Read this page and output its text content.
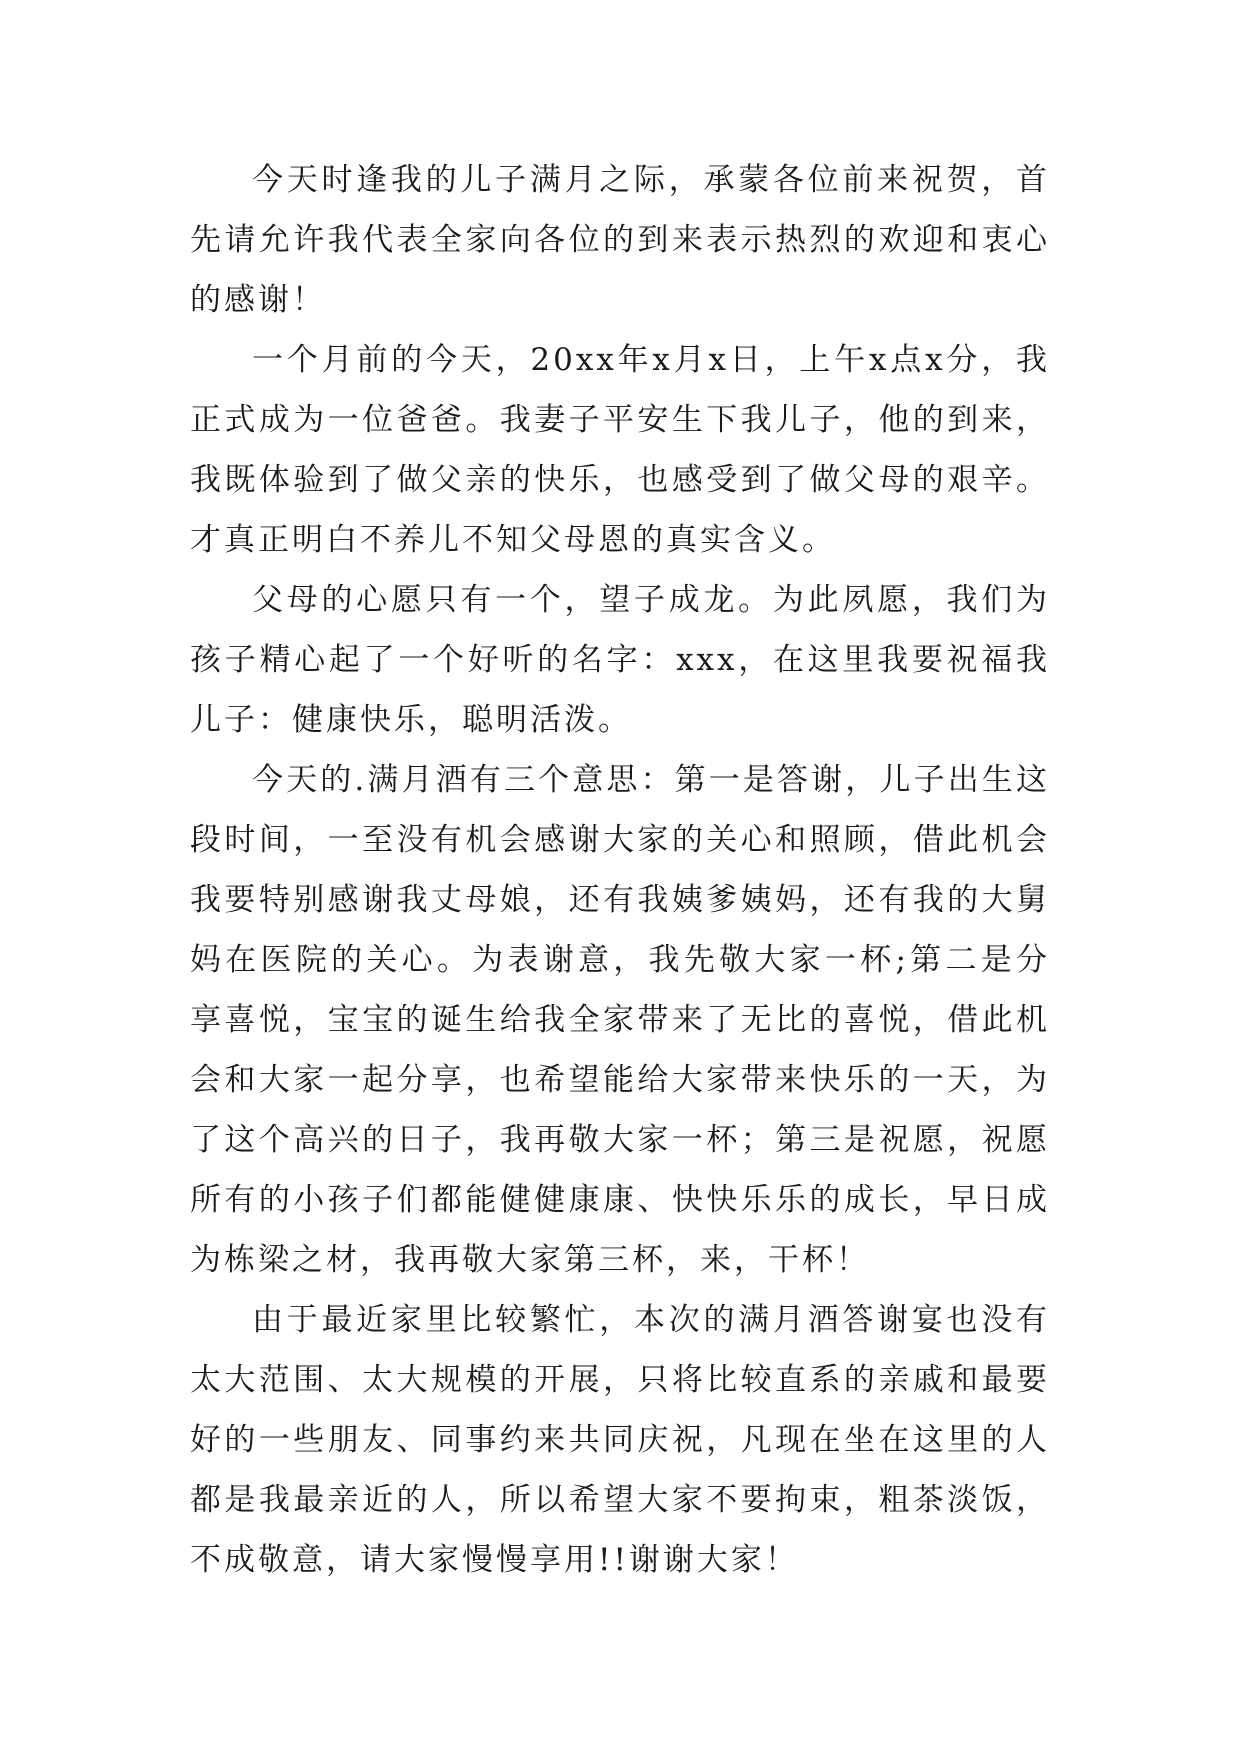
今天时逢我的儿子满月之际，承蒙各位前来祝贺，首先请允许我代表全家向各位的到来表示热烈的欢迎和衷心的感谢！

一个月前的今天，20xx年x月x日，上午x点x分，我正式成为一位爸爸。我妻子平安生下我儿子，他的到来，我既体验到了做父亲的快乐，也感受到了做父母的艰辛。才真正明白不养儿不知父母恩的真实含义。

父母的心愿只有一个，望子成龙。为此夙愿，我们为孩子精心起了一个好听的名字：xxx，在这里我要祝福我儿子：健康快乐，聪明活泼。

今天的.满月酒有三个意思：第一是答谢，儿子出生这段时间，一至没有机会感谢大家的关心和照顾，借此机会我要特别感谢我丈母娘，还有我姨爹姨妈，还有我的大舅妈在医院的关心。为表谢意，我先敬大家一杯;第二是分享喜悦，宝宝的诞生给我全家带来了无比的喜悦，借此机会和大家一起分享，也希望能给大家带来快乐的一天，为了这个高兴的日子，我再敬大家一杯；第三是祝愿，祝愿所有的小孩子们都能健健康康、快快乐乐的成长，早日成为栋梁之材，我再敬大家第三杯，来，干杯！

由于最近家里比较繁忙，本次的满月酒答谢宴也没有太大范围、太大规模的开展，只将比较直系的亲戚和最要好的一些朋友、同事约来共同庆祝，凡现在坐在这里的人都是我最亲近的人，所以希望大家不要拘束，粗茶淡饭，不成敬意，请大家慢慢享用!!谢谢大家！
